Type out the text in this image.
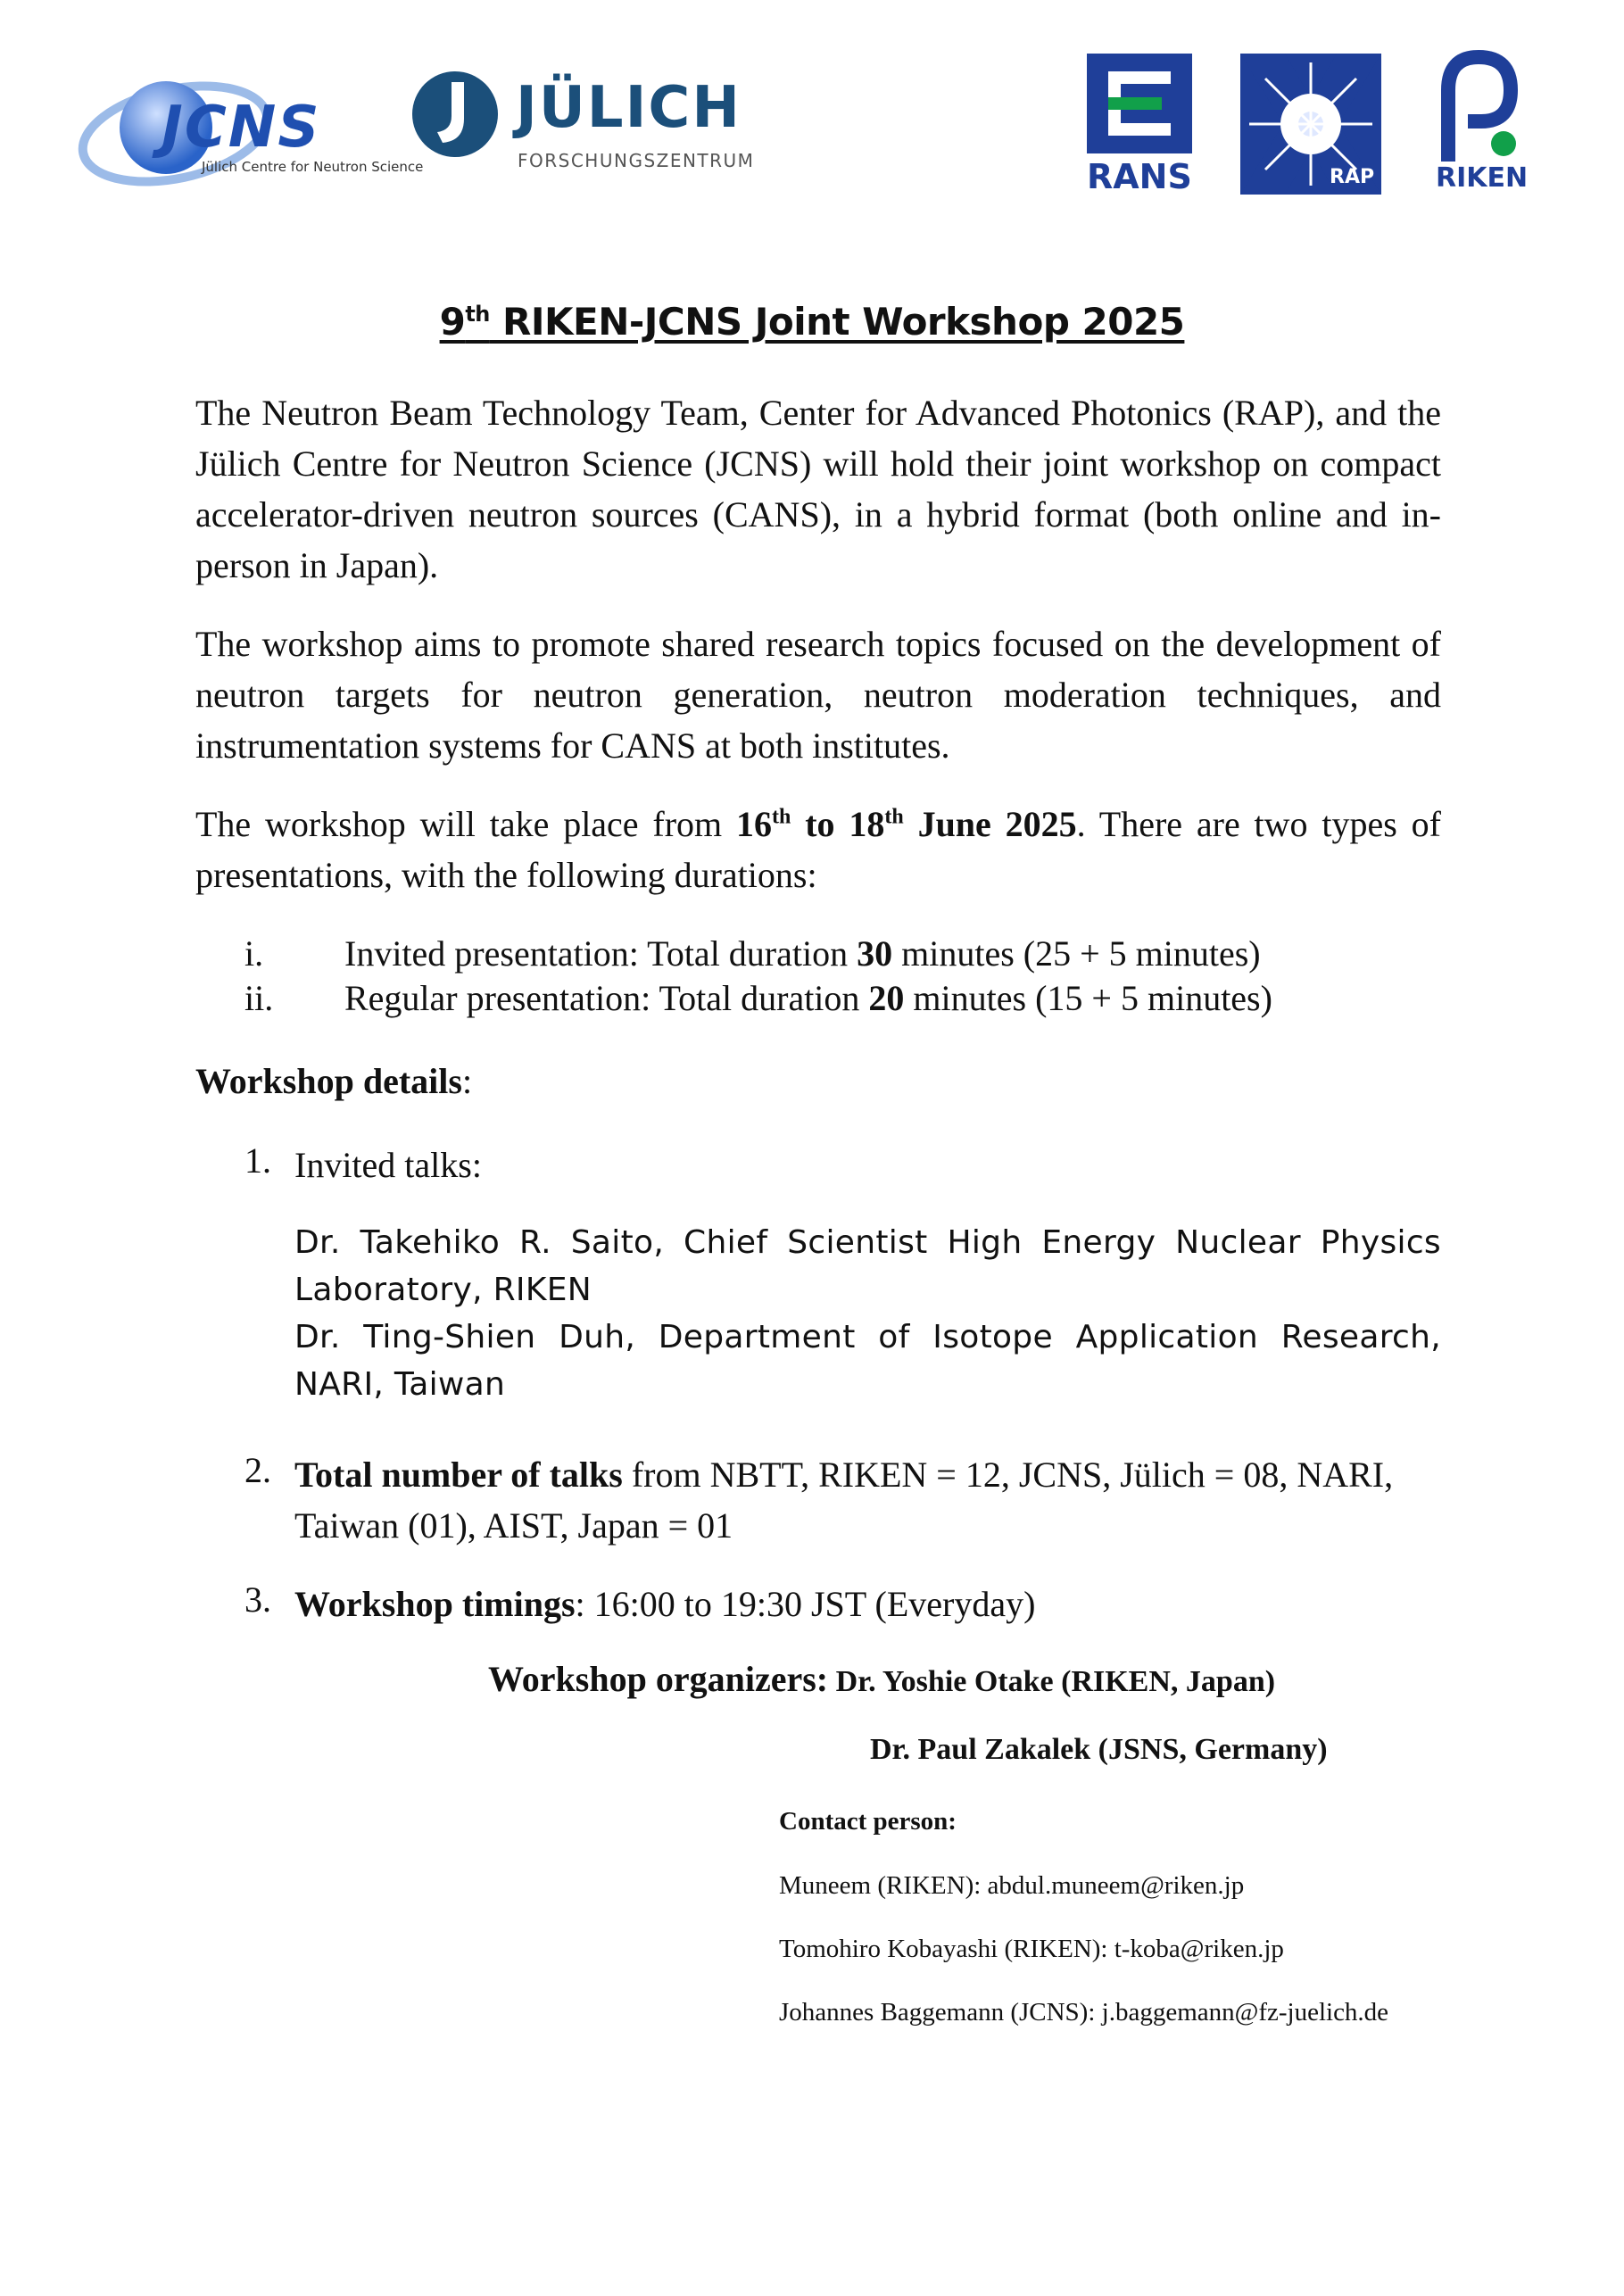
JCNS
Jülich Centre for Neutron Science
JÜLICH
FORSCHUNGSZENTRUM	RANS	RAP RIKEN
9th RIKEN-JCNS Joint Workshop 2025
The Neutron Beam Technology Team, Center for Advanced Photonics (RAP), and the Jülich Centre for Neutron Science (JCNS) will hold their joint workshop on compact accelerator-driven neutron sources (CANS), in a hybrid format (both online and in-person in Japan).
The workshop aims to promote shared research topics focused on the development of neutron targets for neutron generation, neutron moderation techniques, and instrumentation systems for CANS at both institutes.
The workshop will take place from 16th to 18th June 2025. There are two types of presentations, with the following durations:
i. Invited presentation: Total duration 30 minutes (25 + 5 minutes)
ii. Regular presentation: Total duration 20 minutes (15 + 5 minutes)
Workshop details:
1. Invited talks:
Dr. Takehiko R. Saito, Chief Scientist High Energy Nuclear Physics Laboratory, RIKEN
Dr. Ting-Shien Duh, Department of Isotope Application Research, NARI, Taiwan
2. Total number of talks from NBTT, RIKEN = 12, JCNS, Jülich = 08, NARI, Taiwan (01), AIST, Japan = 01
3. Workshop timings: 16:00 to 19:30 JST (Everyday)
Workshop organizers: Dr. Yoshie Otake (RIKEN, Japan)
Dr. Paul Zakalek (JSNS, Germany)
Contact person:
Muneem (RIKEN): abdul.muneem@riken.jp
Tomohiro Kobayashi (RIKEN): t-koba@riken.jp
Johannes Baggemann (JCNS): j.baggemann@fz-juelich.de
